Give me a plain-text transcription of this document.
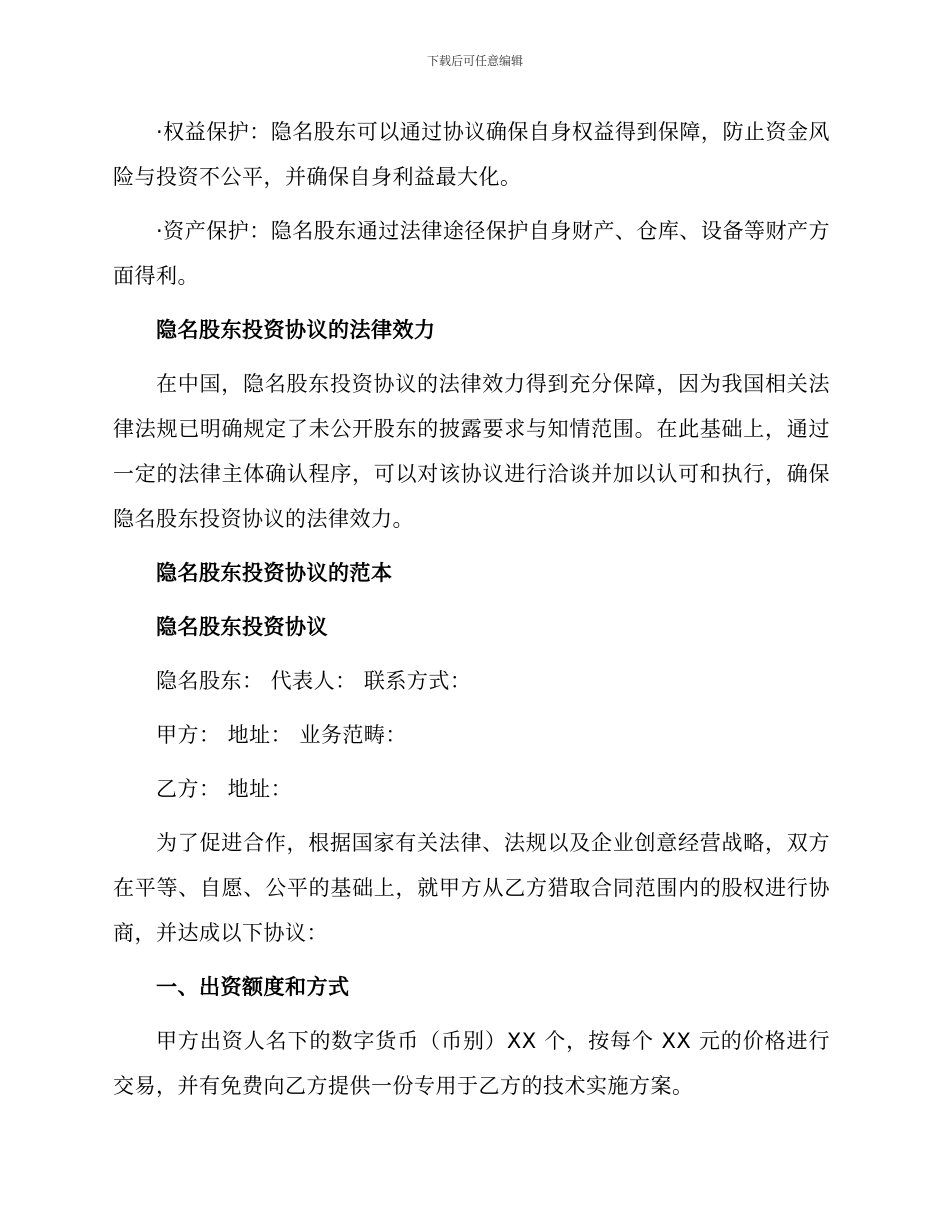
下载后可任意编辑

·权益保护：隐名股东可以通过协议确保自身权益得到保障，防止资金风险与投资不公平，并确保自身利益最大化。

·资产保护：隐名股东通过法律途径保护自身财产、仓库、设备等财产方面得利。

隐名股东投资协议的法律效力

在中国，隐名股东投资协议的法律效力得到充分保障，因为我国相关法律法规已明确规定了未公开股东的披露要求与知情范围。在此基础上，通过一定的法律主体确认程序，可以对该协议进行洽谈并加以认可和执行，确保隐名股东投资协议的法律效力。

隐名股东投资协议的范本

隐名股东投资协议

隐名股东： 代表人： 联系方式：

甲方： 地址： 业务范畴：

乙方： 地址：

为了促进合作，根据国家有关法律、法规以及企业创意经营战略，双方在平等、自愿、公平的基础上，就甲方从乙方猎取合同范围内的股权进行协商，并达成以下协议：

一、出资额度和方式

甲方出资人名下的数字货币（币别）XX 个，按每个 XX 元的价格进行交易，并有免费向乙方提供一份专用于乙方的技术实施方案。
